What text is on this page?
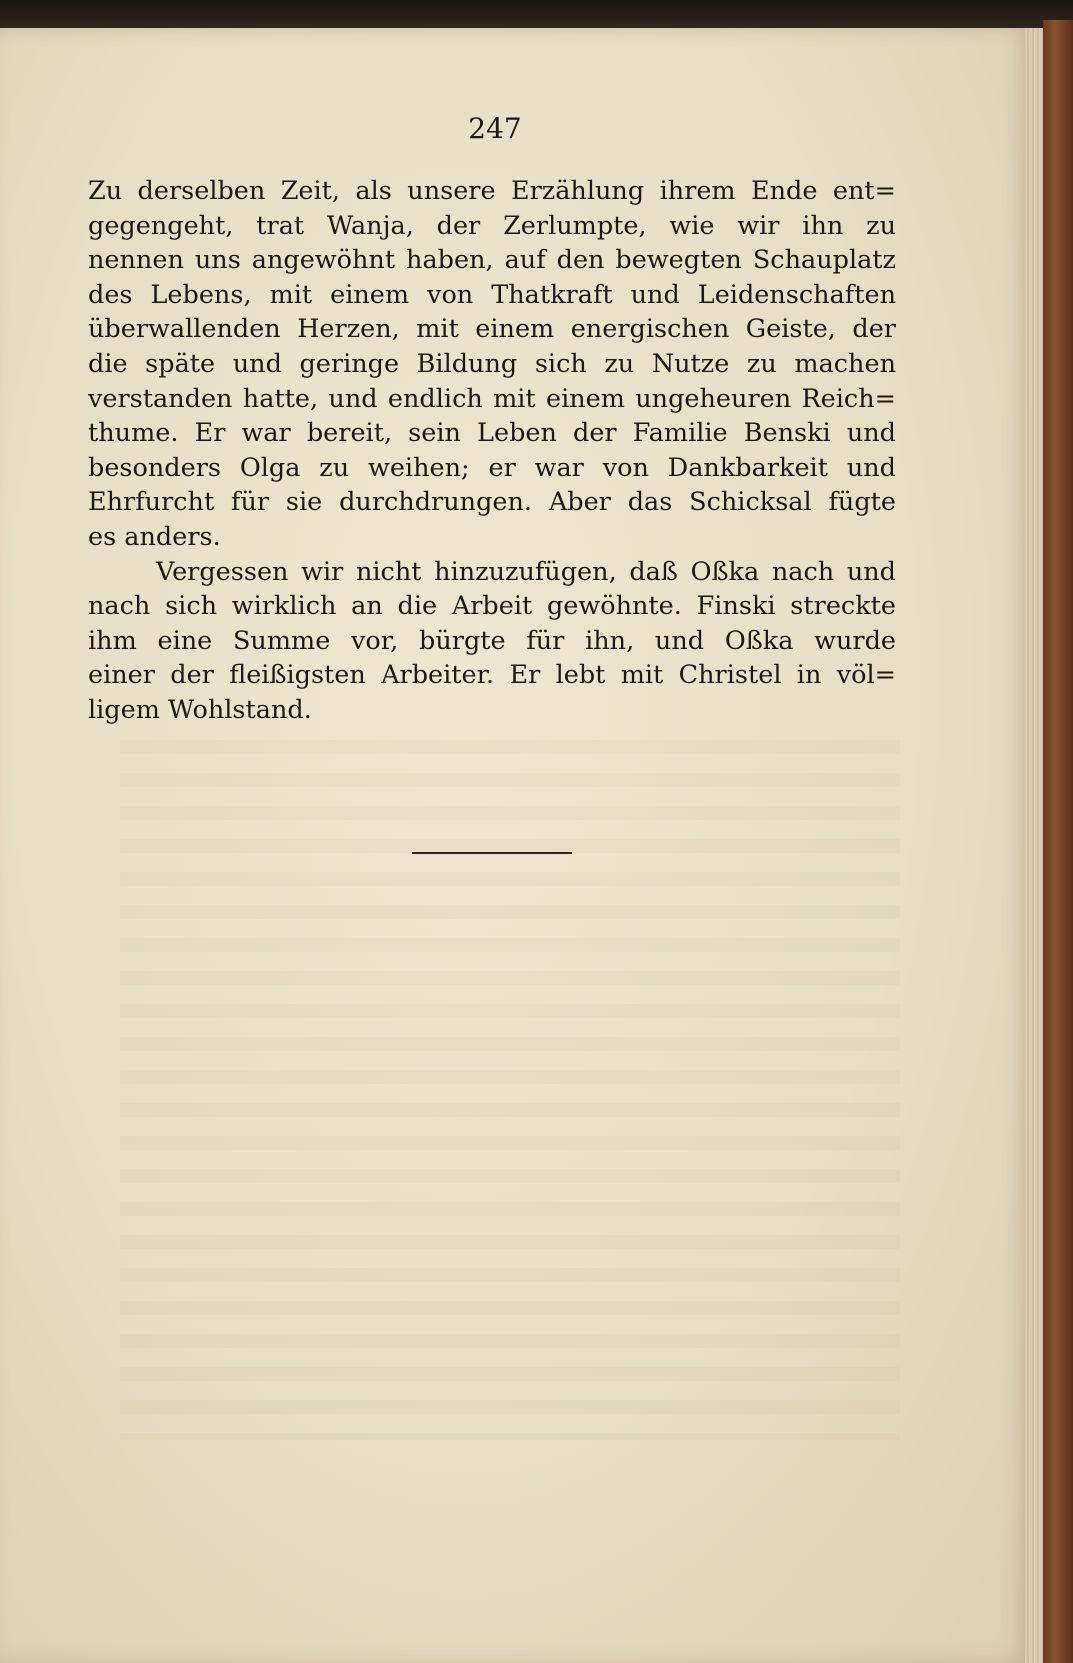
247
Zu derselben Zeit, als unsere Erzählung ihrem Ende ent=
gegengeht, trat Wanja, der Zerlumpte, wie wir ihn zu
nennen uns angewöhnt haben, auf den bewegten Schauplatz
des Lebens, mit einem von Thatkraft und Leidenschaften
überwallenden Herzen, mit einem energischen Geiste, der
die späte und geringe Bildung sich zu Nutze zu machen
verstanden hatte, und endlich mit einem ungeheuren Reich=
thume. Er war bereit, sein Leben der Familie Benski und
besonders Olga zu weihen; er war von Dankbarkeit und
Ehrfurcht für sie durchdrungen. Aber das Schicksal fügte
es anders.
Vergessen wir nicht hinzuzufügen, daß Oßka nach und
nach sich wirklich an die Arbeit gewöhnte. Finski streckte
ihm eine Summe vor, bürgte für ihn, und Oßka wurde
einer der fleißigsten Arbeiter. Er lebt mit Christel in völ=
ligem Wohlstand.
